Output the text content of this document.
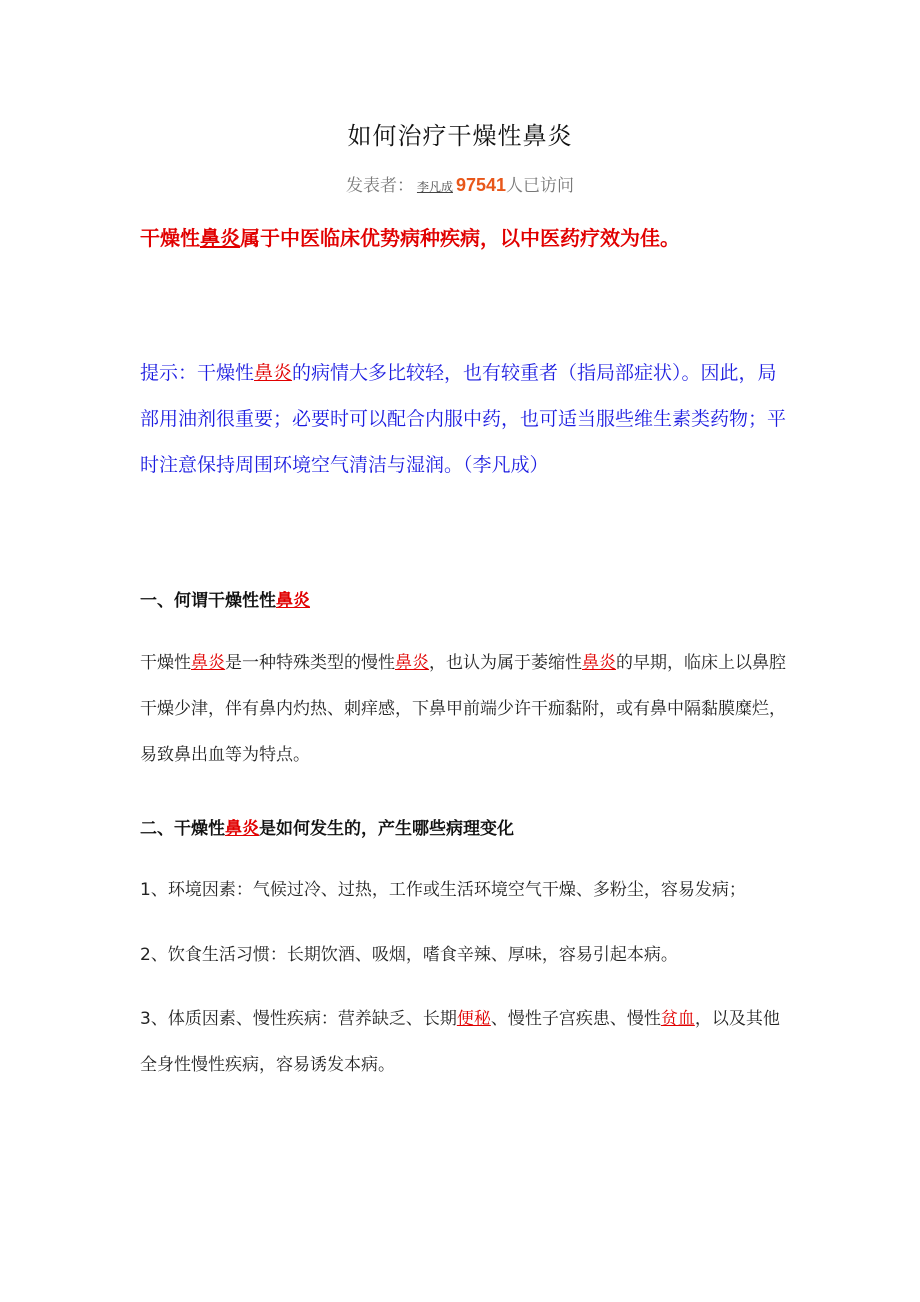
如何治疗干燥性鼻炎
发表者： 李凡成 97541人已访问
干燥性鼻炎属于中医临床优势病种疾病，以中医药疗效为佳。
提示：干燥性鼻炎的病情大多比较轻，也有较重者（指局部症状）。因此，局部用油剂很重要；必要时可以配合内服中药，也可适当服些维生素类药物；平时注意保持周围环境空气清洁与湿润。（李凡成）
一、何谓干燥性性鼻炎
干燥性鼻炎是一种特殊类型的慢性鼻炎，也认为属于萎缩性鼻炎的早期，临床上以鼻腔干燥少津，伴有鼻内灼热、刺痒感，下鼻甲前端少许干痂黏附，或有鼻中隔黏膜糜烂，易致鼻出血等为特点。
二、干燥性鼻炎是如何发生的，产生哪些病理变化
1、环境因素：气候过冷、过热，工作或生活环境空气干燥、多粉尘，容易发病；
2、饮食生活习惯：长期饮酒、吸烟，嗜食辛辣、厚味，容易引起本病。
3、体质因素、慢性疾病：营养缺乏、长期便秘、慢性子宫疾患、慢性贫血，以及其他全身性慢性疾病，容易诱发本病。
